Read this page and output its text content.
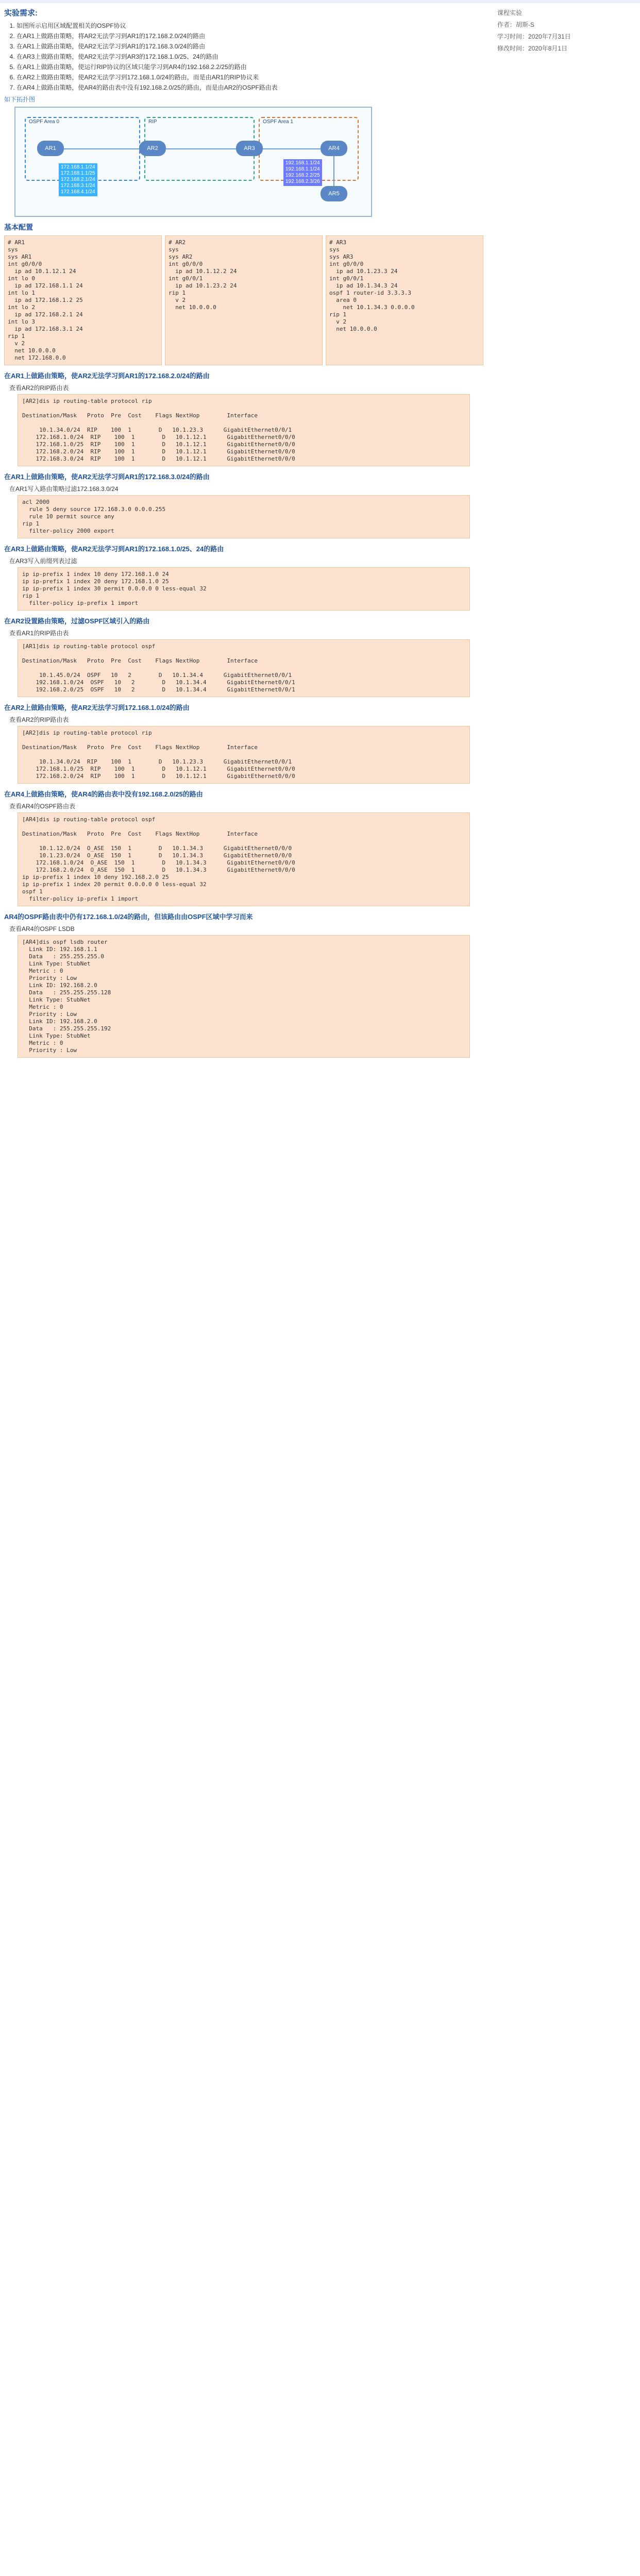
实验需求:
1. 如图所示启用区域配置相关的OSPF协议
2. 在AR1上做路由策略，将AR2无法学习到AR1的172.168.2.0/24的路由
3. 在AR1上做路由策略，使AR2无法学习到AR1的172.168.3.0/24的路由
4. 在AR3上做路由策略，使AR2无法学习到AR3的172.168.1.0/25、24的路由
5. 在AR1上做路由策略，使运行RIP协议的区域只能学习到AR4的192.168.2.2/25的路由
6. 在AR2上做路由策略，使AR2无法学习到172.168.1.0/24的路由，而是由AR1的RIP协议来
7. 在AR4上做路由策略，使AR4的路由表中没有192.168.2.0/25的路由，而是由AR2的OSPF路由表
如下拓扑图
OSPF Area 0	RIP	OSPF Area 1
AR1	AR2	AR3	AR4
AR5
172.168.1.1/24
172.168.1.1/25
172.168.2.1/24
172.168.3.1/24
172.168.4.1/24
192.168.1.1/24
192.168.1.1/24
192.168.2.2/25
192.168.2.3/26
基本配置
# AR1
sys
sys AR1
int g0/0/0
ip ad 10.1.12.1 24
int lo 0
ip ad 172.168.1.1 24
int lo 1
ip ad 172.168.1.2 25
int lo 2
ip ad 172.168.2.1 24
int lo 3
ip ad 172.168.3.1 24
rip 1
v 2
net 10.0.0.0
net 172.168.0.0
# AR2
sys
sys AR2
int g0/0/0
ip ad 10.1.12.2 24
int g0/0/1
ip ad 10.1.23.2 24
rip 1
v 2
net 10.0.0.0
# AR3
sys
sys AR3
int g0/0/0
ip ad 10.1.23.3 24
int g0/0/1
ip ad 10.1.34.3 24
ospf 1 router-id 3.3.3.3
area 0
net 10.1.34.3 0.0.0.0
rip 1
v 2
net 10.0.0.0
在AR1上做路由策略，使AR2无法学习到AR1的172.168.2.0/24的路由
查看AR2的RIP路由表
[AR2]dis ip routing-table protocol rip

Destination/Mask   Proto  Pre  Cost    Flags NextHop        Interface

10.1.34.0/24  RIP    100  1        D   10.1.23.3      GigabitEthernet0/0/1
172.168.1.0/24  RIP    100  1        D   10.1.12.1      GigabitEthernet0/0/0
172.168.1.0/25  RIP    100  1        D   10.1.12.1      GigabitEthernet0/0/0
172.168.2.0/24  RIP    100  1        D   10.1.12.1      GigabitEthernet0/0/0
172.168.3.0/24  RIP    100  1        D   10.1.12.1      GigabitEthernet0/0/0
在AR1上做路由策略，使AR2无法学习到AR1的172.168.3.0/24的路由
在AR1写入路由策略过滤172.168.3.0/24
acl 2000
rule 5 deny source 172.168.3.0 0.0.0.255
rule 10 permit source any
rip 1
filter-policy 2000 export
在AR3上做路由策略，使AR2无法学习到AR1的172.168.1.0/25、24的路由
在AR3写入前缀列表过滤
ip ip-prefix 1 index 10 deny 172.168.1.0 24
ip ip-prefix 1 index 20 deny 172.168.1.0 25
ip ip-prefix 1 index 30 permit 0.0.0.0 0 less-equal 32
rip 1
filter-policy ip-prefix 1 import
在AR2设置路由策略，过滤OSPF区域引入的路由
查看AR1的RIP路由表
[AR1]dis ip routing-table protocol ospf

Destination/Mask   Proto  Pre  Cost    Flags NextHop        Interface

10.1.45.0/24  OSPF   10   2        D   10.1.34.4      GigabitEthernet0/0/1
192.168.1.0/24  OSPF   10   2        D   10.1.34.4      GigabitEthernet0/0/1
192.168.2.0/25  OSPF   10   2        D   10.1.34.4      GigabitEthernet0/0/1
在AR2上做路由策略，使AR2无法学习到172.168.1.0/24的路由
查看AR2的RIP路由表
[AR2]dis ip routing-table protocol rip

Destination/Mask   Proto  Pre  Cost    Flags NextHop        Interface

10.1.34.0/24  RIP    100  1        D   10.1.23.3      GigabitEthernet0/0/1
172.168.1.0/25  RIP    100  1        D   10.1.12.1      GigabitEthernet0/0/0
172.168.2.0/24  RIP    100  1        D   10.1.12.1      GigabitEthernet0/0/0
在AR4上做路由策略，使AR4的路由表中没有192.168.2.0/25的路由
查看AR4的OSPF路由表
[AR4]dis ip routing-table protocol ospf

Destination/Mask   Proto  Pre  Cost    Flags NextHop        Interface

10.1.12.0/24  O_ASE  150  1        D   10.1.34.3      GigabitEthernet0/0/0
10.1.23.0/24  O_ASE  150  1        D   10.1.34.3      GigabitEthernet0/0/0
172.168.1.0/24  O_ASE  150  1        D   10.1.34.3      GigabitEthernet0/0/0
172.168.2.0/24  O_ASE  150  1        D   10.1.34.3      GigabitEthernet0/0/0
ip ip-prefix 1 index 10 deny 192.168.2.0 25
ip ip-prefix 1 index 20 permit 0.0.0.0 0 less-equal 32
ospf 1
filter-policy ip-prefix 1 import
AR4的OSPF路由表中仍有172.168.1.0/24的路由，但该路由由OSPF区域中学习而来
查看AR4的OSPF LSDB
[AR4]dis ospf lsdb router
Link ID: 192.168.1.1
Data   : 255.255.255.0
Link Type: StubNet
Metric : 0
Priority : Low
Link ID: 192.168.2.0
Data   : 255.255.255.128
Link Type: StubNet
Metric : 0
Priority : Low
Link ID: 192.168.2.0
Data   : 255.255.255.192
Link Type: StubNet
Metric : 0
Priority : Low
课程实验
作者：胡斯-S
学习时间：2020年7月31日
修改时间：2020年8月1日
